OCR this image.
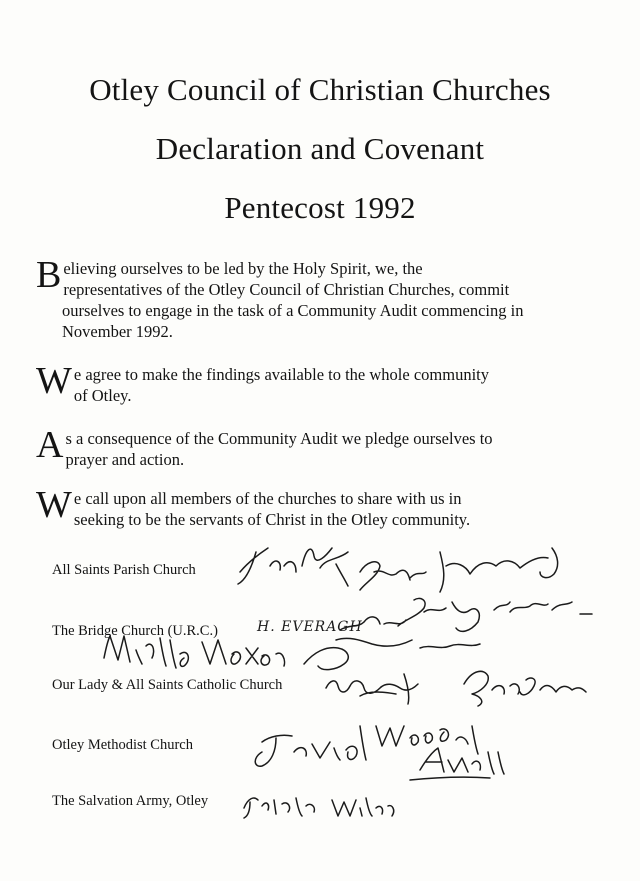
Otley Council of Christian Churches
Declaration and Covenant
Pentecost 1992
B elieving ourselves to be led by the Holy Spirit, we, the
representatives of the Otley Council of Christian Churches, commit ourselves to engage in the task of a Community Audit commencing in November 1992.
W e agree to make the findings available to the whole community
of Otley.
A s a consequence of the Community Audit we pledge ourselves to
prayer and action.
W e call upon all members of the churches to share with us in
seeking to be the servants of Christ in the Otley community.
All Saints Parish Church
The Bridge Church (U.R.C.)
Our Lady & All Saints Catholic Church
Otley Methodist Church
The Salvation Army, Otley
H. EVERAGH
